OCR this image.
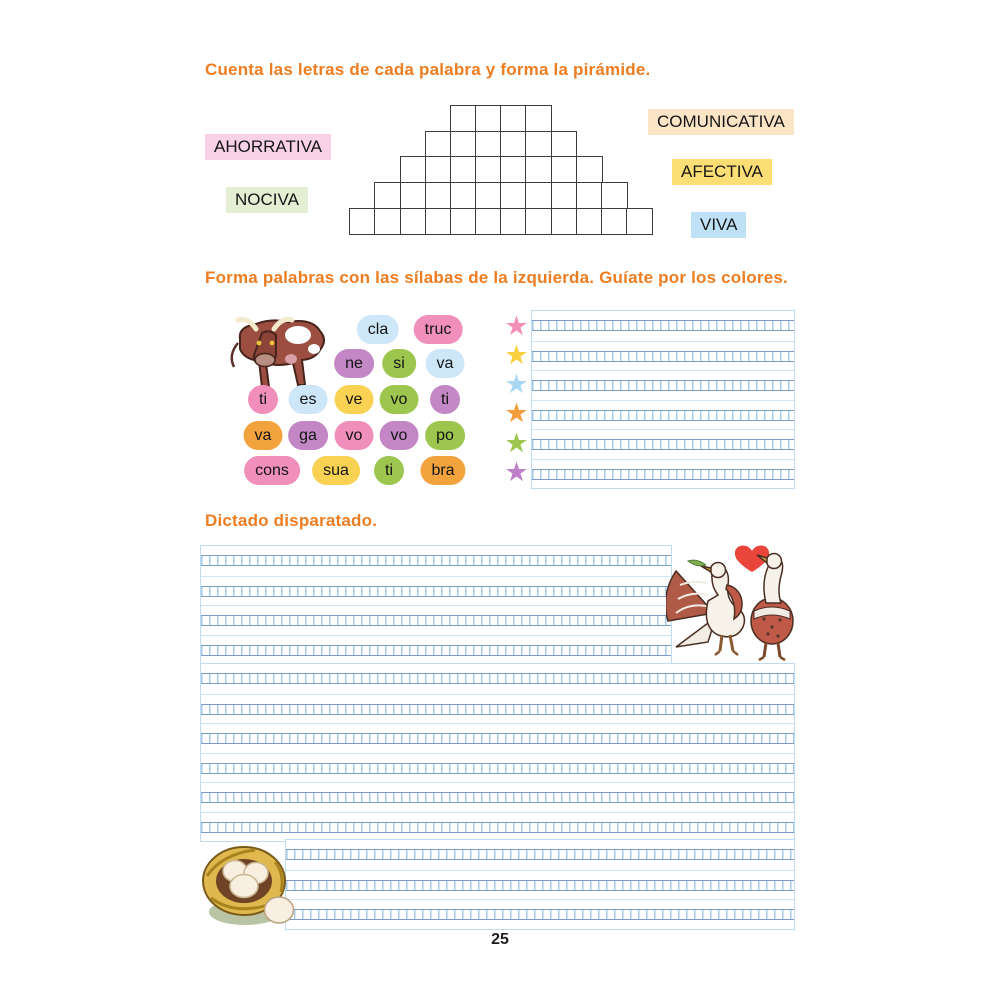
Cuenta las letras de cada palabra y forma la pirámide.
AHORRATIVA
NOCIVA
COMUNICATIVA
AFECTIVA
VIVA
Forma palabras con las sílabas de la izquierda. Guíate por los colores.
cla	truc
ne	si	va
ti	es	ve	vo	ti
va	ga	vo	vo	po
cons	sua	ti	bra
★
★
★
★
★
★
Dictado disparatado.
25
